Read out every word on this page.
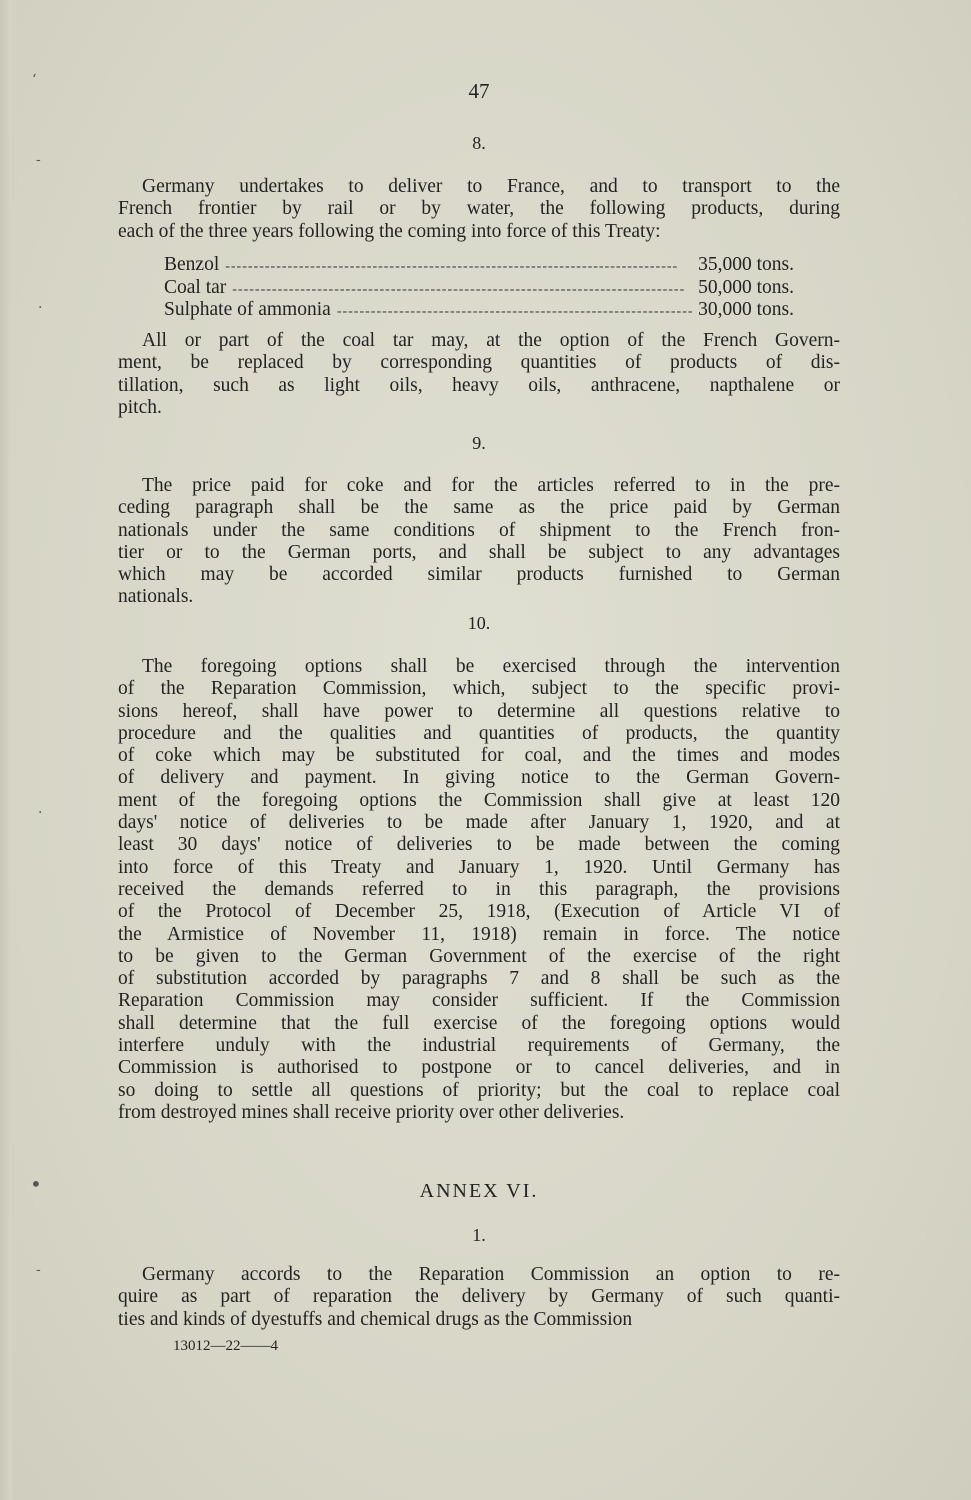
ʻ
-
·
·
•
-
47
8.
Germany undertakes to deliver to France, and to transport to the
French frontier by rail or by water, the following products, during
each of the three years following the coming into force of this Treaty:
Benzol -----	35,000 tons.
Coal tar -----	50,000 tons.
Sulphate of ammonia -----	30,000 tons.
All or part of the coal tar may, at the option of the French Govern-
ment, be replaced by corresponding quantities of products of dis-
tillation, such as light oils, heavy oils, anthracene, napthalene or
pitch.
9.
The price paid for coke and for the articles referred to in the pre-
ceding paragraph shall be the same as the price paid by German
nationals under the same conditions of shipment to the French fron-
tier or to the German ports, and shall be subject to any advantages
which may be accorded similar products furnished to German
nationals.
10.
The foregoing options shall be exercised through the intervention
of the Reparation Commission, which, subject to the specific provi-
sions hereof, shall have power to determine all questions relative to
procedure and the qualities and quantities of products, the quantity
of coke which may be substituted for coal, and the times and modes
of delivery and payment. In giving notice to the German Govern-
ment of the foregoing options the Commission shall give at least 120
days' notice of deliveries to be made after January 1, 1920, and at
least 30 days' notice of deliveries to be made between the coming
into force of this Treaty and January 1, 1920. Until Germany has
received the demands referred to in this paragraph, the provisions
of the Protocol of December 25, 1918, (Execution of Article VI of
the Armistice of November 11, 1918) remain in force. The notice
to be given to the German Government of the exercise of the right
of substitution accorded by paragraphs 7 and 8 shall be such as the
Reparation Commission may consider sufficient. If the Commission
shall determine that the full exercise of the foregoing options would
interfere unduly with the industrial requirements of Germany, the
Commission is authorised to postpone or to cancel deliveries, and in
so doing to settle all questions of priority; but the coal to replace coal
from destroyed mines shall receive priority over other deliveries.
ANNEX VI.
1.
Germany accords to the Reparation Commission an option to re-
quire as part of reparation the delivery by Germany of such quanti-
ties and kinds of dyestuffs and chemical drugs as the Commission
13012—22——4
